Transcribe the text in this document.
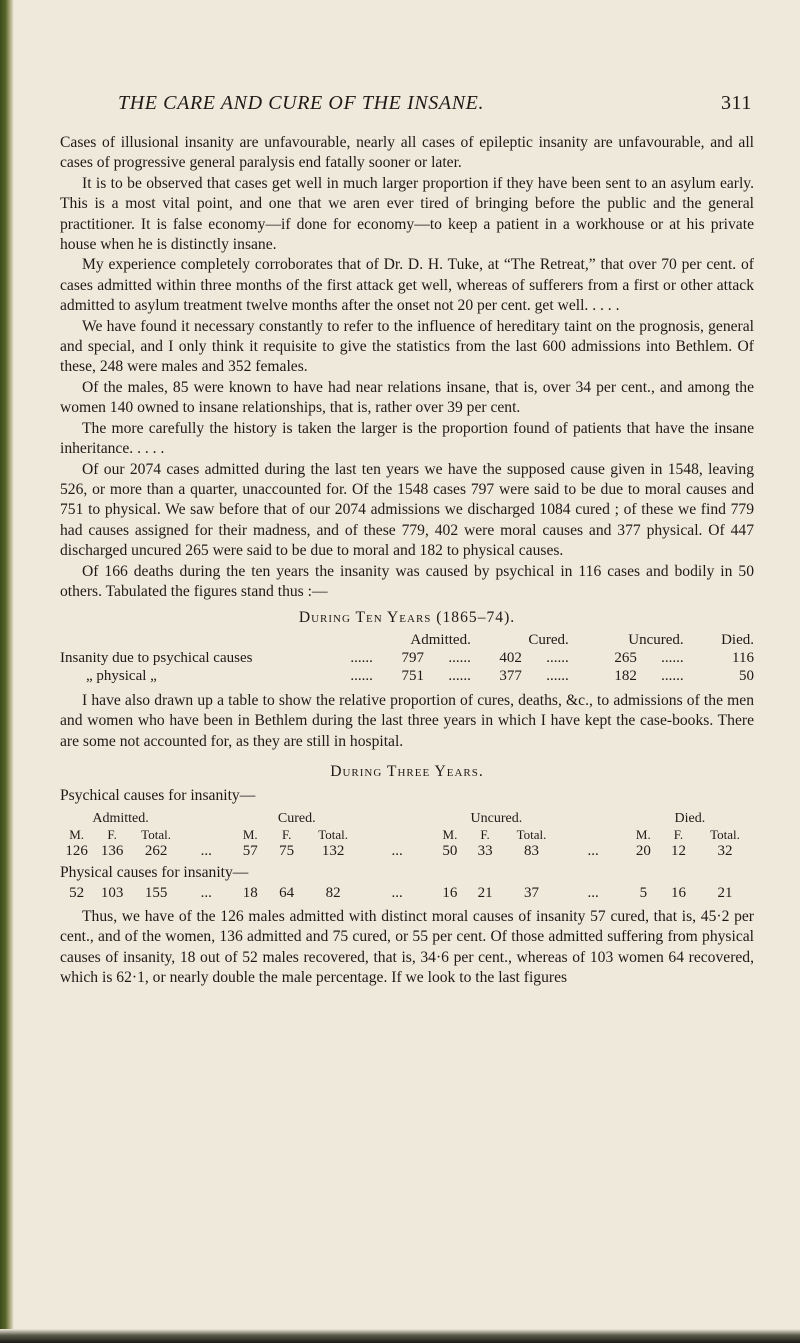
THE CARE AND CURE OF THE INSANE.	311

Cases of illusional insanity are unfavourable, nearly all cases of epileptic insanity are unfavourable, and all cases of progressive general paralysis end fatally sooner or later.

It is to be observed that cases get well in much larger proportion if they have been sent to an asylum early. This is a most vital point, and one that we aren ever tired of bringing before the public and the general practitioner. It is false economy—if done for economy—to keep a patient in a workhouse or at his private house when he is distinctly insane.

My experience completely corroborates that of Dr. D. H. Tuke, at “The Retreat,” that over 70 per cent. of cases admitted within three months of the first attack get well, whereas of sufferers from a first or other attack admitted to asylum treatment twelve months after the onset not 20 per cent. get well. . . . .

We have found it necessary constantly to refer to the influence of hereditary taint on the prognosis, general and special, and I only think it requisite to give the statistics from the last 600 admissions into Bethlem. Of these, 248 were males and 352 females.

Of the males, 85 were known to have had near relations insane, that is, over 34 per cent., and among the women 140 owned to insane relationships, that is, rather over 39 per cent.

The more carefully the history is taken the larger is the proportion found of patients that have the insane inheritance. . . . .

Of our 2074 cases admitted during the last ten years we have the supposed cause given in 1548, leaving 526, or more than a quarter, unaccounted for. Of the 1548 cases 797 were said to be due to moral causes and 751 to physical. We saw before that of our 2074 admissions we discharged 1084 cured ; of these we find 779 had causes assigned for their madness, and of these 779, 402 were moral causes and 377 physical. Of 447 discharged uncured 265 were said to be due to moral and 182 to physical causes.

Of 166 deaths during the ten years the insanity was caused by psychical in 116 cases and bodily in 50 others. Tabulated the figures stand thus :—

During Ten Years (1865–74).
		Admitted.		Cured.		Uncured.		Died.
Insanity due to psychical causes	......	797	......	402	......	265	......	116
„ physical „	......	751	......	377	......	182	......	50

I have also drawn up a table to show the relative proportion of cures, deaths, &c., to admissions of the men and women who have been in Bethlem during the last three years in which I have kept the case-books. There are some not accounted for, as they are still in hospital.

During Three Years.
Psychical causes for insanity—
Admitted.				Cured.				Uncured.				Died.		
M.	F.	Total.		M.	F.	Total.		M.	F.	Total.		M.	F.	Total.
126	136	262	...	57	75	132	...	50	33	83	...	20	12	32
Physical causes for insanity—														
52	103	155	...	18	64	82	...	16	21	37	...	5	16	21

Thus, we have of the 126 males admitted with distinct moral causes of insanity 57 cured, that is, 45·2 per cent., and of the women, 136 admitted and 75 cured, or 55 per cent. Of those admitted suffering from physical causes of insanity, 18 out of 52 males recovered, that is, 34·6 per cent., whereas of 103 women 64 recovered, which is 62·1, or nearly double the male percentage. If we look to the last figures
